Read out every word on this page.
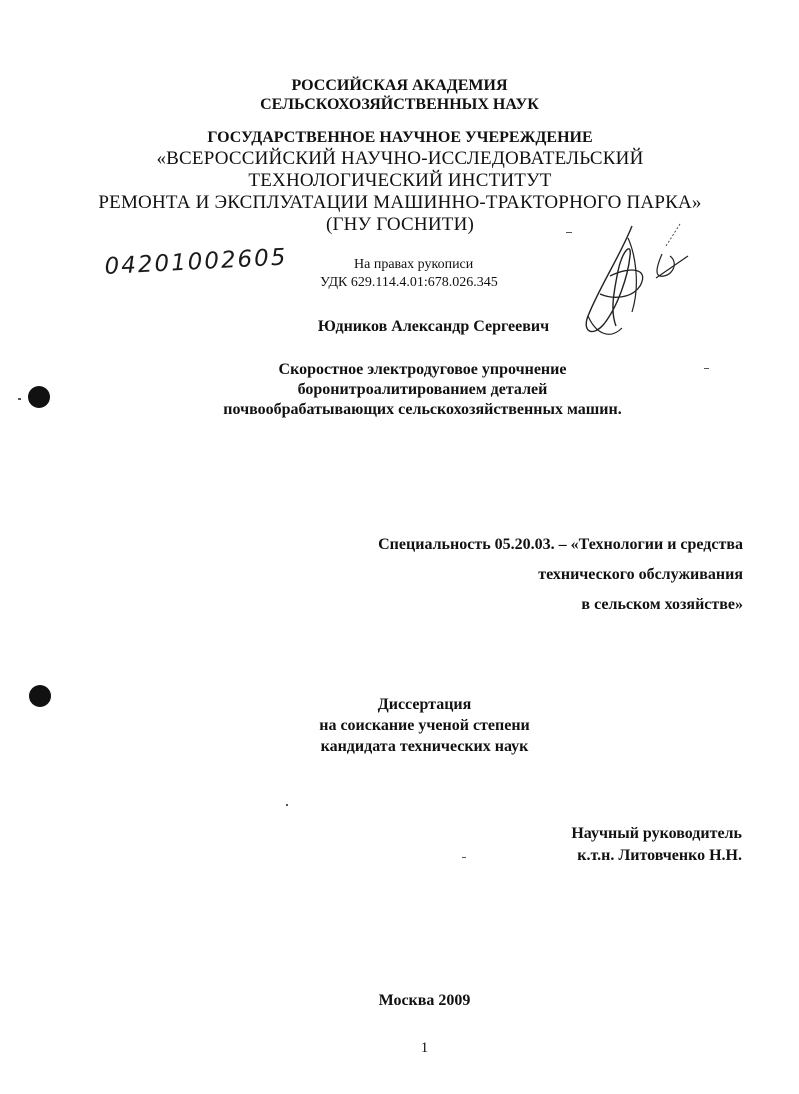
РОССИЙСКАЯ АКАДЕМИЯ
СЕЛЬСКОХОЗЯЙСТВЕННЫХ НАУК
ГОСУДАРСТВЕННОЕ НАУЧНОЕ УЧЕРЕЖДЕНИЕ
«ВСЕРОССИЙСКИЙ НАУЧНО-ИССЛЕДОВАТЕЛЬСКИЙ
ТЕХНОЛОГИЧЕСКИЙ ИНСТИТУТ
РЕМОНТА И ЭКСПЛУАТАЦИИ МАШИННО-ТРАКТОРНОГО ПАРКА»
(ГНУ ГОСНИТИ)
04201002605	На правах рукописи
УДК 629.114.4.01:678.026.345
Юдников Александр Сергеевич
Скоростное электродуговое упрочнение
боронитроалитированием деталей
почвообрабатывающих сельскохозяйственных машин.
Специальность 05.20.03. – «Технологии и средства
технического обслуживания
в сельском хозяйстве»
Диссертация
на соискание ученой степени
кандидата технических наук
Научный руководитель
к.т.н. Литовченко Н.Н.
Москва 2009
1
